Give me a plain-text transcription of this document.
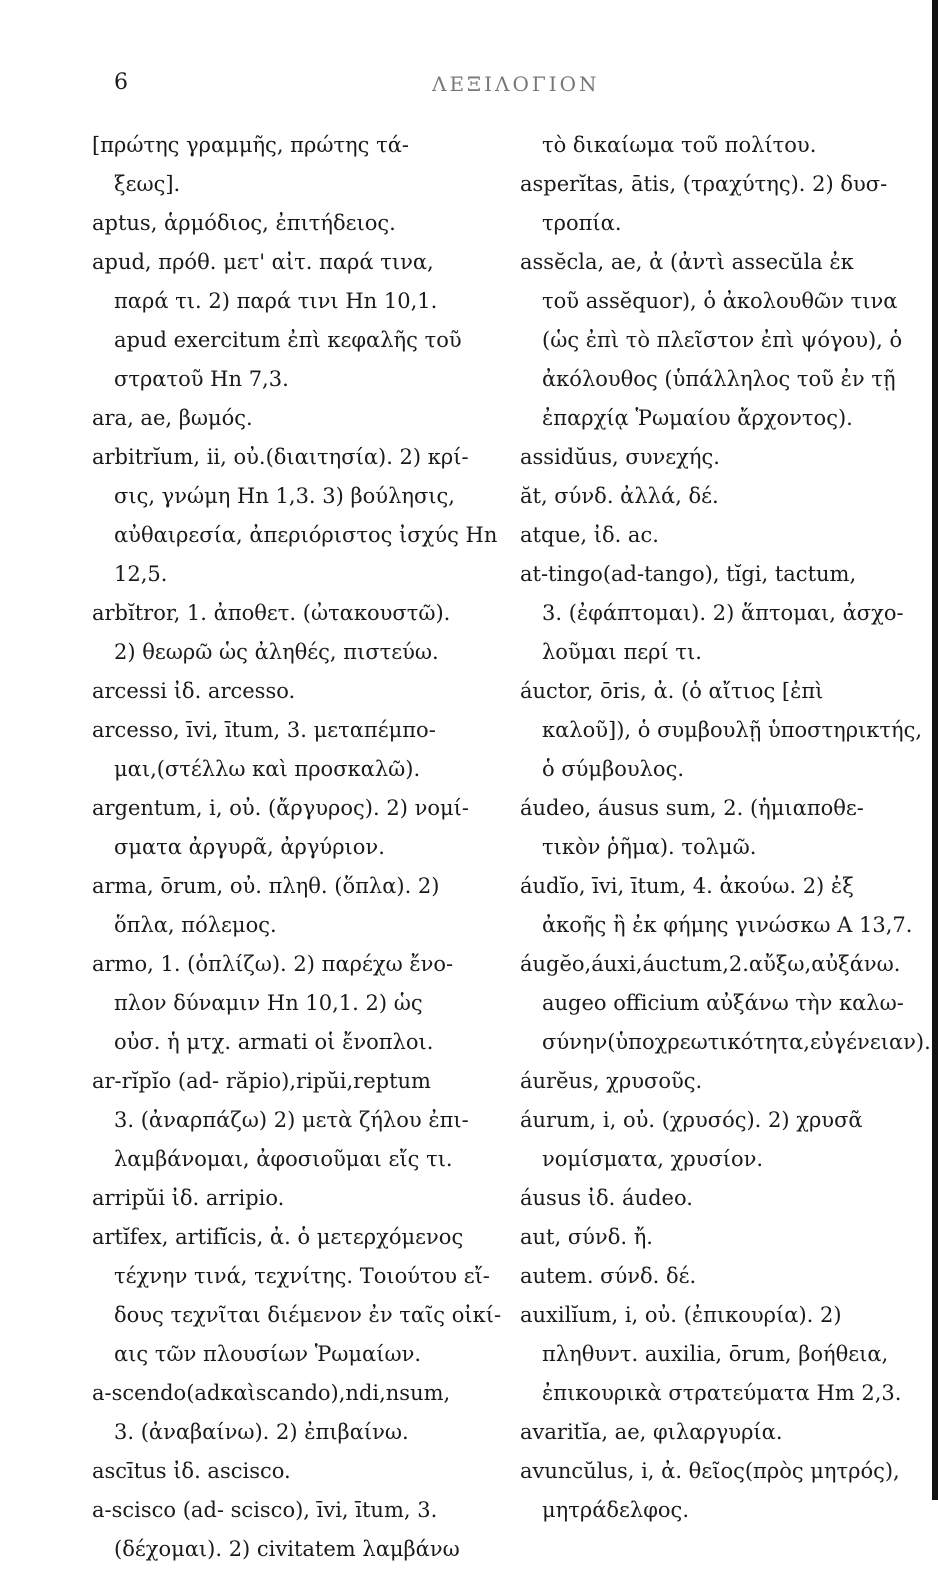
6	ΛΕΞΙΛΟΓΙΟΝ
[πρώτης γραμμῆς, πρώτης τά-
ξεως].
aptus, ἁρμόδιος, ἐπιτήδειος.
apud, πρόθ. μετ' αἰτ. παρά τινα,
παρά τι. 2) παρά τινι Hn 10,1.
apud exercitum ἐπὶ κεφαλῆς τοῦ
στρατοῦ Hn 7,3.
ara, ae, βωμός.
arbitrĭum, ii, οὐ.(διαιτησία). 2) κρί-
σις, γνώμη Hn 1,3. 3) βούλησις,
αὐθαιρεσία, ἀπεριόριστος ἰσχύς Hn
12,5.
arbĭtror, 1. ἀποθετ. (ὠτακουστῶ).
2) θεωρῶ ὡς ἀληθές, πιστεύω.
arcessi ἰδ. arcesso.
arcesso, īvi, ītum, 3. μεταπέμπο-
μαι,(στέλλω καὶ προσκαλῶ).
argentum, i, οὐ. (ἄργυρος). 2) νομί-
σματα ἀργυρᾶ, ἀργύριον.
arma, ōrum, οὐ. πληθ. (ὅπλα). 2)
ὅπλα, πόλεμος.
armo, 1. (ὁπλίζω). 2) παρέχω ἔνο-
πλον δύναμιν Hn 10,1. 2) ὡς
οὐσ. ἡ μτχ. armati οἱ ἔνοπλοι.
ar-rĭpĭo (ad- răpio),ripŭi,reptum
3. (ἀναρπάζω) 2) μετὰ ζήλου ἐπι-
λαμβάνομαι, ἀφοσιοῦμαι εἴς τι.
arripŭi ἰδ. arripio.
artĭfex, artifĭcis, ἀ. ὁ μετερχόμενος
τέχνην τινά, τεχνίτης. Τοιούτου εἴ-
δους τεχνῖται διέμενον ἐν ταῖς οἰκί-
αις τῶν πλουσίων Ῥωμαίων.
a-scendo(adκαὶscando),ndi,nsum,
3. (ἀναβαίνω). 2) ἐπιβαίνω.
ascītus ἰδ. ascisco.
a-scisco (ad- scisco), īvi, ītum, 3.
(δέχομαι). 2) civitatem λαμβάνω
τὸ δικαίωμα τοῦ πολίτου.
asperĭtas, ātis, (τραχύτης). 2) δυσ-
τροπία.
assĕcla, ae, ἀ (ἀντὶ assecŭla ἐκ
τοῦ assĕquor), ὁ ἀκολουθῶν τινα
(ὡς ἐπὶ τὸ πλεῖστον ἐπὶ ψόγου), ὁ
ἀκόλουθος (ὑπάλληλος τοῦ ἐν τῇ
ἐπαρχίᾳ Ῥωμαίου ἄρχοντος).
assidŭus, συνεχής.
ăt, σύνδ. ἀλλά, δέ.
atque, ἰδ. ac.
at-tingo(ad-tango), tĭgi, tactum,
3. (ἐφάπτομαι). 2) ἅπτομαι, ἀσχο-
λοῦμαι περί τι.
áuctor, ōris, ἀ. (ὁ αἴτιος [ἐπὶ
καλοῦ]), ὁ συμβουλῇ ὑποστηρικτής,
ὁ σύμβουλος.
áudeo, áusus sum, 2. (ἡμιαποθε-
τικὸν ῥῆμα). τολμῶ.
áudĭo, īvi, ītum, 4. ἀκούω. 2) ἐξ
ἀκοῆς ἢ ἐκ φήμης γινώσκω Α 13,7.
áugĕo,áuxi,áuctum,2.αὔξω,αὐξάνω.
augeo officium αὐξάνω τὴν καλω-
σύνην(ὑποχρεωτικότητα,εὐγένειαν).
áurĕus, χρυσοῦς.
áurum, i, οὐ. (χρυσός). 2) χρυσᾶ
νομίσματα, χρυσίον.
áusus ἰδ. áudeo.
aut, σύνδ. ἤ.
autem. σύνδ. δέ.
auxilĭum, i, οὐ. (ἐπικουρία). 2)
πληθυντ. auxilia, ōrum, βοήθεια,
ἐπικουρικὰ στρατεύματα Hm 2,3.
avaritĭa, ae, φιλαργυρία.
avuncŭlus, i, ἀ. θεῖος(πρὸς μητρός),
μητράδελφος.
